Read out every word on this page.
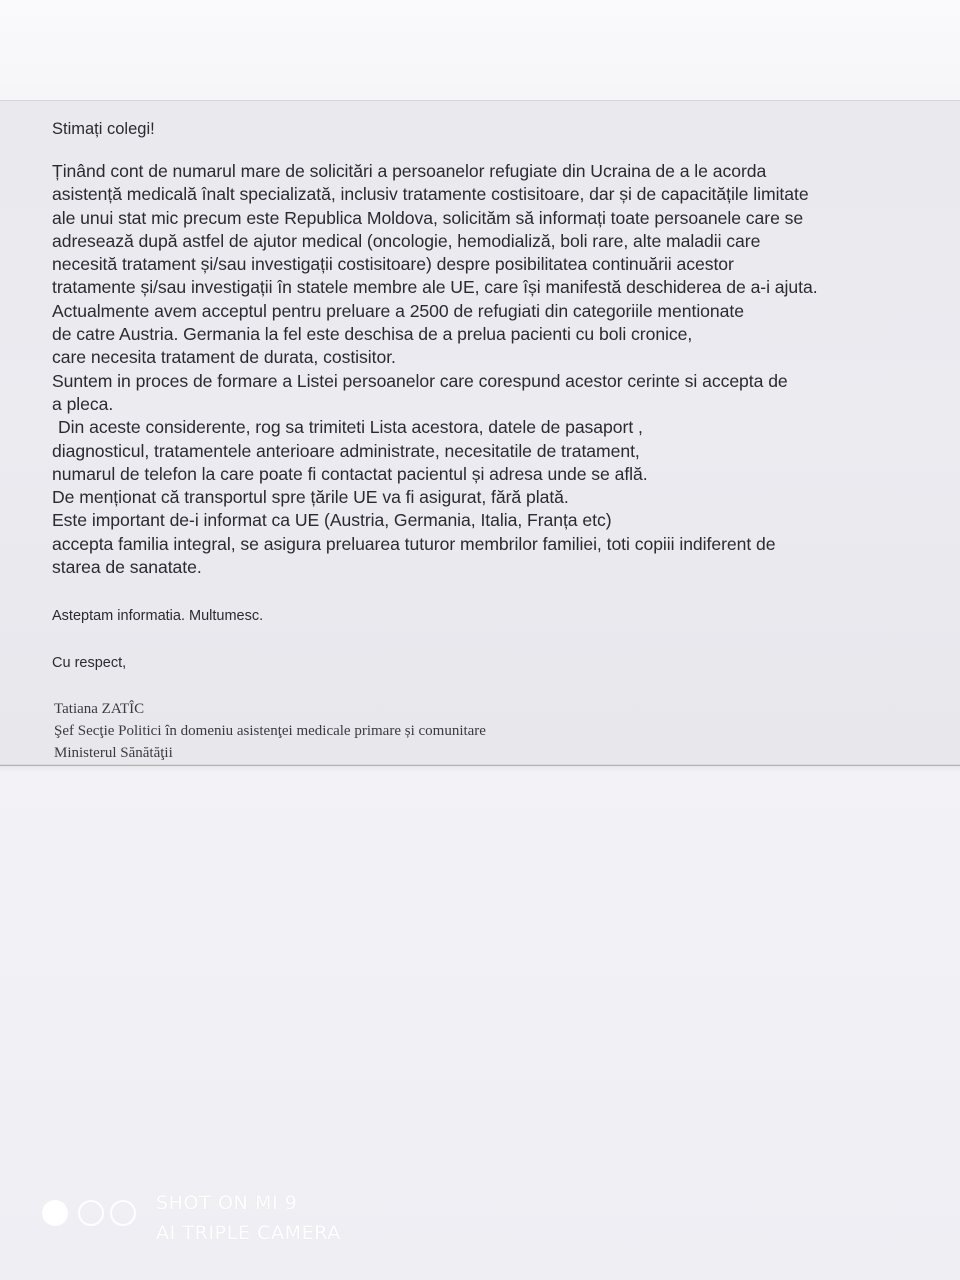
Stimați colegi!
Ținând cont de numarul mare de solicitări a persoanelor refugiate din Ucraina de a le acorda
asistență medicală înalt specializată, inclusiv tratamente costisitoare, dar și de capacitățile limitate
ale unui stat mic precum este Republica Moldova, solicităm să informați toate persoanele care se
adresează după astfel de ajutor medical (oncologie, hemodializă, boli rare, alte maladii care
necesită tratament și/sau investigații costisitoare) despre posibilitatea continuării acestor
tratamente și/sau investigații în statele membre ale UE, care își manifestă deschiderea de a-i ajuta.
Actualmente avem acceptul pentru preluare a 2500 de refugiati din categoriile mentionate
de catre Austria. Germania la fel este deschisa de a prelua pacienti cu boli cronice,
care necesita tratament de durata, costisitor.
Suntem in proces de formare a Listei persoanelor care corespund acestor cerinte si accepta de
a pleca.
Din aceste considerente, rog sa trimiteti Lista acestora, datele de pasaport ,
diagnosticul, tratamentele anterioare administrate, necesitatile de tratament,
numarul de telefon la care poate fi contactat pacientul și adresa unde se află.
De menționat că transportul spre țările UE va fi asigurat, fără plată.
Este important de-i informat ca UE (Austria, Germania, Italia, Franța etc)
accepta familia integral, se asigura preluarea tuturor membrilor familiei, toti copiii indiferent de
starea de sanatate.
Asteptam informatia. Multumesc.
Cu respect,
Tatiana ZATÎC
Şef Secţie Politici în domeniu asistenţei medicale primare și comunitare
Ministerul Sănătăţii
SHOT ON MI 9
AI TRIPLE CAMERA
